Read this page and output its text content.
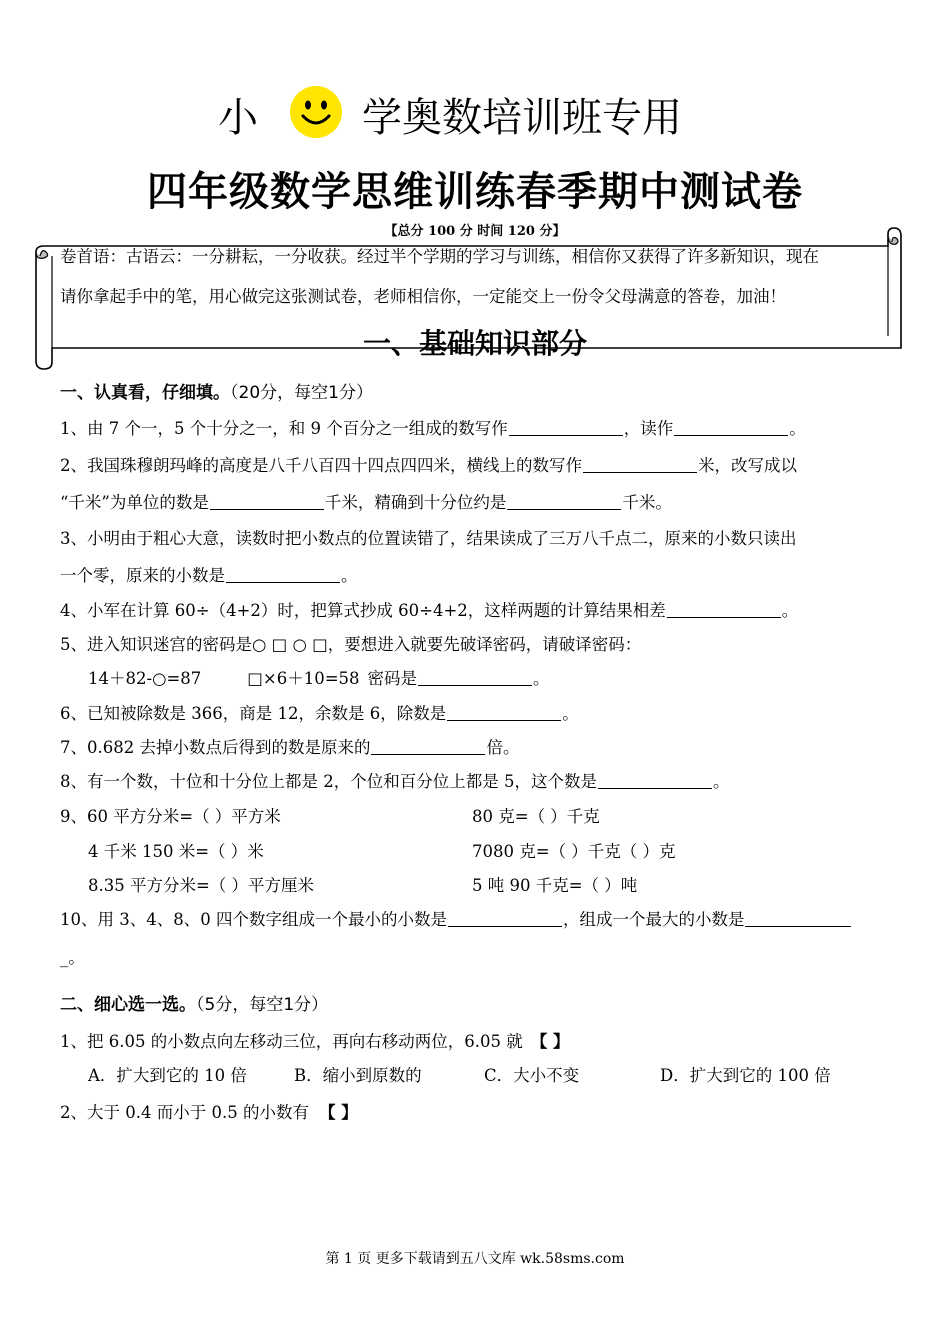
小	学奥数培训班专用
四年级数学思维训练春季期中测试卷
【总分 100 分 时间 120 分】
卷首语：古语云：一分耕耘，一分收获。经过半个学期的学习与训练，相信你又获得了许多新知识，现在
请你拿起手中的笔，用心做完这张测试卷，老师相信你，一定能交上一份令父母满意的答卷，加油！
一、基础知识部分
一、认真看，仔细填。（20分，每空1分）
1、由 7 个一，5 个十分之一，和 9 个百分之一组成的数写作	，读作	。
2、我国珠穆朗玛峰的高度是八千八百四十四点四四米，横线上的数写作	米，改写成以
“千米”为单位的数是	千米，精确到十分位约是	千米。
3、小明由于粗心大意，读数时把小数点的位置读错了，结果读成了三万八千点二，原来的小数只读出
一个零，原来的小数是	。
4、小军在计算 60÷（4+2）时，把算式抄成 60÷4+2，这样两题的计算结果相差	。
5、进入知识迷宫的密码是○ □ ○ □，要想进入就要先破译密码，请破译密码：
14＋82-○=87	□×6＋10=58 密码是	。
6、已知被除数是 366，商是 12，余数是 6，除数是	。
7、0.682 去掉小数点后得到的数是原来的	倍。
8、有一个数，十位和十分位上都是 2，个位和百分位上都是 5，这个数是	。
9、60 平方分米=（ ）平方米	80 克=（ ）千克
4 千米 150 米=（ ）米	7080 克=（ ）千克（ ）克
8.35 平方分米=（ ）平方厘米	5 吨 90 千克=（ ）吨
10、用 3、4、8、0 四个数字组成一个最小的小数是	，组成一个最大的小数是
_。
二、细心选一选。（5分，每空1分）
1、把 6.05 的小数点向左移动三位，再向右移动两位，6.05 就 【 】
A．扩大到它的 10 倍	B．缩小到原数的	C．大小不变	D．扩大到它的 100 倍
2、大于 0.4 而小于 0.5 的小数有 【 】
第 1 页 更多下载请到五八文库 wk.58sms.com
